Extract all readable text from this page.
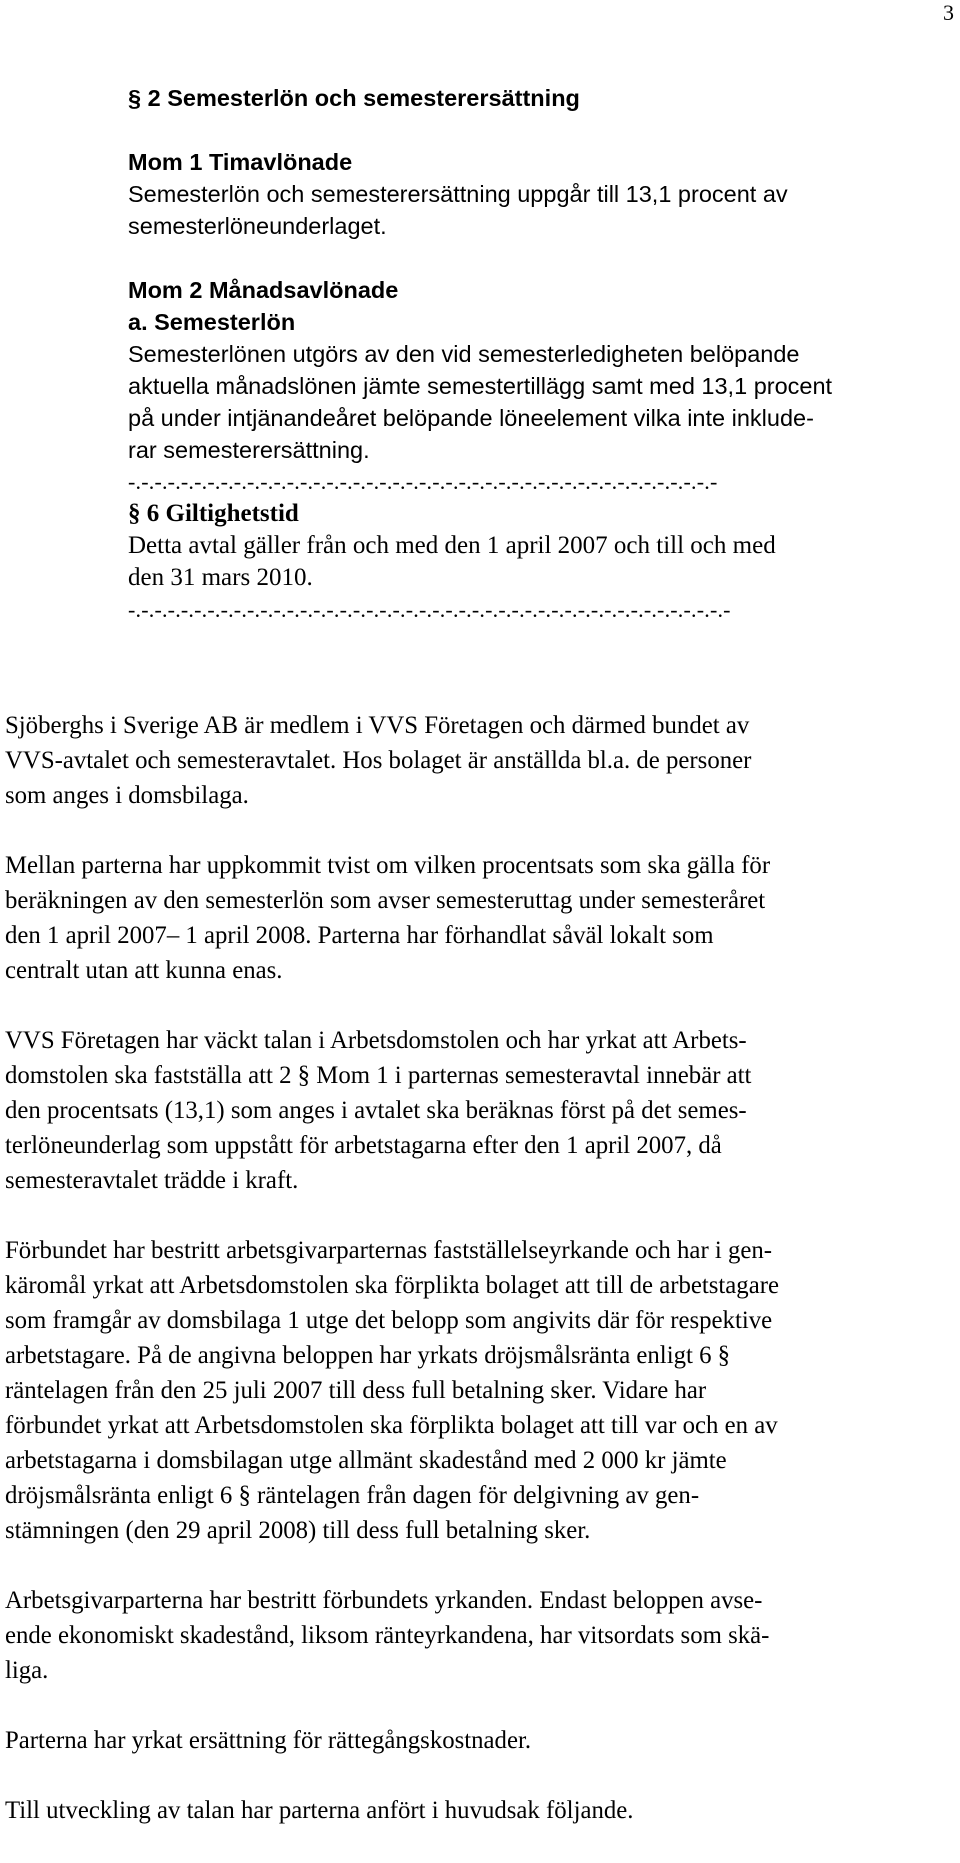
3
§ 2 Semesterlön och semesterersättning
Mom 1 Timavlönade
Semesterlön och semesterersättning uppgår till 13,1 procent av
semesterlöneunderlaget.
Mom 2 Månadsavlönade
a. Semesterlön
Semesterlönen utgörs av den vid semesterledigheten belöpande
aktuella månadslönen jämte semestertillägg samt med 13,1 procent
på under intjänandeåret belöpande löneelement vilka inte inklude-
rar semesterersättning.
-.-.-.-.-.-.-.-.-.-.-.-.-.-.-.-.-.-.-.-.-.-.-.-.-.-.-.-.-.-.-.-.-.-.-.-.-.-.-.-.-.-.-.-.-
§ 6 Giltighetstid
Detta avtal gäller från och med den 1 april 2007 och till och med
den 31 mars 2010.
-.-.-.-.-.-.-.-.-.-.-.-.-.-.-.-.-.-.-.-.-.-.-.-.-.-.-.-.-.-.-.-.-.-.-.-.-.-.-.-.-.-.-.-.-.-
Sjöberghs i Sverige AB är medlem i VVS Företagen och därmed bundet av
VVS-avtalet och semesteravtalet. Hos bolaget är anställda bl.a. de personer
som anges i domsbilaga.
Mellan parterna har uppkommit tvist om vilken procentsats som ska gälla för
beräkningen av den semesterlön som avser semesteruttag under semesteråret
den 1 april 2007– 1 april 2008. Parterna har förhandlat såväl lokalt som
centralt utan att kunna enas.
VVS Företagen har väckt talan i Arbetsdomstolen och har yrkat att Arbets-
domstolen ska fastställa att 2 § Mom 1 i parternas semesteravtal innebär att
den procentsats (13,1) som anges i avtalet ska beräknas först på det semes-
terlöneunderlag som uppstått för arbetstagarna efter den 1 april 2007, då
semesteravtalet trädde i kraft.
Förbundet har bestritt arbetsgivarparternas fastställelseyrkande och har i gen-
käromål yrkat att Arbetsdomstolen ska förplikta bolaget att till de arbetstagare
som framgår av domsbilaga 1 utge det belopp som angivits där för respektive
arbetstagare. På de angivna beloppen har yrkats dröjsmålsränta enligt 6 §
räntelagen från den 25 juli 2007 till dess full betalning sker. Vidare har
förbundet yrkat att Arbetsdomstolen ska förplikta bolaget att till var och en av
arbetstagarna i domsbilagan utge allmänt skadestånd med 2 000 kr jämte
dröjsmålsränta enligt 6 § räntelagen från dagen för delgivning av gen-
stämningen (den 29 april 2008) till dess full betalning sker.
Arbetsgivarparterna har bestritt förbundets yrkanden. Endast beloppen avse-
ende ekonomiskt skadestånd, liksom ränteyrkandena, har vitsordats som skä-
liga.
Parterna har yrkat ersättning för rättegångskostnader.
Till utveckling av talan har parterna anfört i huvudsak följande.
